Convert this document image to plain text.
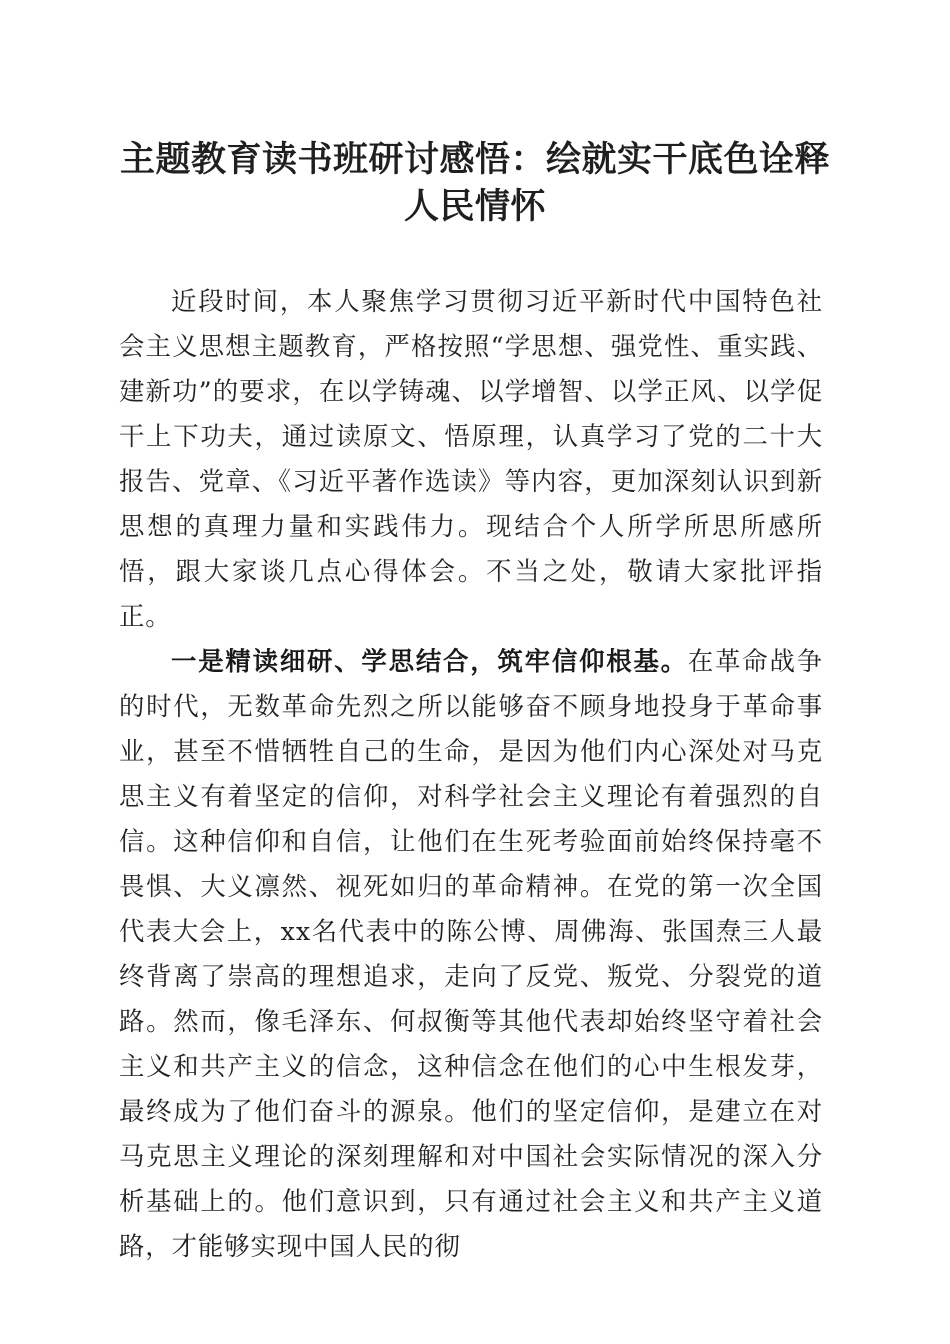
主题教育读书班研讨感悟：绘就实干底色诠释
人民情怀

近段时间，本人聚焦学习贯彻习近平新时代中国特色社会主义思想主题教育，严格按照“学思想、强党性、重实践、建新功”的要求，在以学铸魂、以学增智、以学正风、以学促干上下功夫，通过读原文、悟原理，认真学习了党的二十大报告、党章、《习近平著作选读》等内容，更加深刻认识到新思想的真理力量和实践伟力。现结合个人所学所思所感所悟，跟大家谈几点心得体会。不当之处，敬请大家批评指正。

一是精读细研、学思结合，筑牢信仰根基。在革命战争的时代，无数革命先烈之所以能够奋不顾身地投身于革命事业，甚至不惜牺牲自己的生命，是因为他们内心深处对马克思主义有着坚定的信仰，对科学社会主义理论有着强烈的自信。这种信仰和自信，让他们在生死考验面前始终保持毫不畏惧、大义凛然、视死如归的革命精神。在党的第一次全国代表大会上，xx名代表中的陈公博、周佛海、张国焘三人最终背离了崇高的理想追求，走向了反党、叛党、分裂党的道路。然而，像毛泽东、何叔衡等其他代表却始终坚守着社会主义和共产主义的信念，这种信念在他们的心中生根发芽，最终成为了他们奋斗的源泉。他们的坚定信仰，是建立在对马克思主义理论的深刻理解和对中国社会实际情况的深入分析基础上的。他们意识到，只有通过社会主义和共产主义道路，才能够实现中国人民的彻
